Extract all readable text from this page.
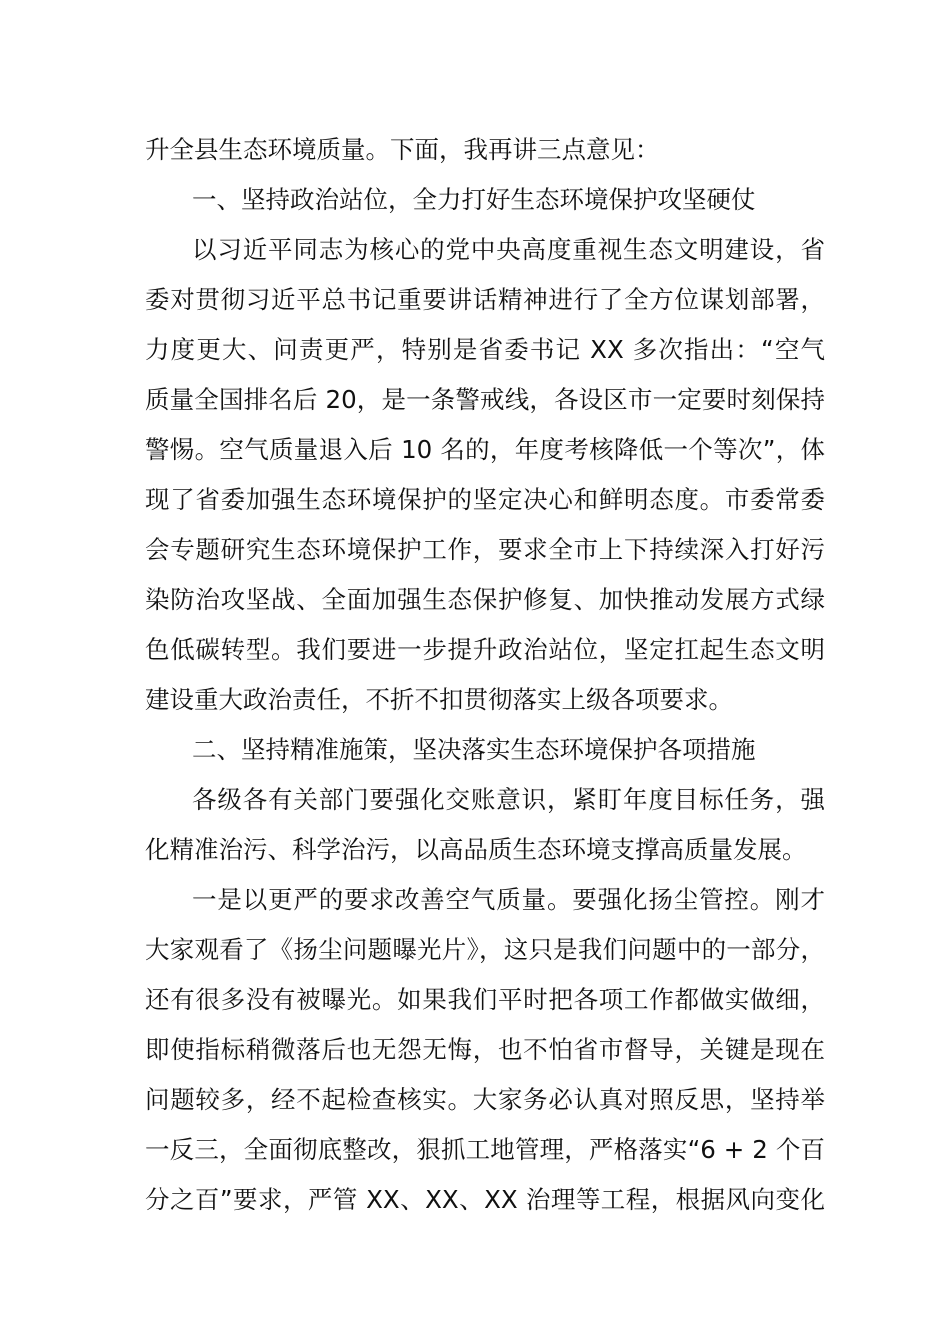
升全县生态环境质量。下面，我再讲三点意见：
一、坚持政治站位，全力打好生态环境保护攻坚硬仗
以习近平同志为核心的党中央高度重视生态文明建设，省
委对贯彻习近平总书记重要讲话精神进行了全方位谋划部署，
力度更大、问责更严，特别是省委书记 XX 多次指出：“空气
质量全国排名后 20，是一条警戒线，各设区市一定要时刻保持
警惕。空气质量退入后 10 名的，年度考核降低一个等次”，体
现了省委加强生态环境保护的坚定决心和鲜明态度。市委常委
会专题研究生态环境保护工作，要求全市上下持续深入打好污
染防治攻坚战、全面加强生态保护修复、加快推动发展方式绿
色低碳转型。我们要进一步提升政治站位，坚定扛起生态文明
建设重大政治责任，不折不扣贯彻落实上级各项要求。
二、坚持精准施策，坚决落实生态环境保护各项措施
各级各有关部门要强化交账意识，紧盯年度目标任务，强
化精准治污、科学治污，以高品质生态环境支撑高质量发展。
一是以更严的要求改善空气质量。要强化扬尘管控。刚才
大家观看了《扬尘问题曝光片》，这只是我们问题中的一部分，
还有很多没有被曝光。如果我们平时把各项工作都做实做细，
即使指标稍微落后也无怨无悔，也不怕省市督导，关键是现在
问题较多，经不起检查核实。大家务必认真对照反思，坚持举
一反三，全面彻底整改，狠抓工地管理，严格落实“6 + 2 个百
分之百”要求，严管 XX、XX、XX 治理等工程，根据风向变化
